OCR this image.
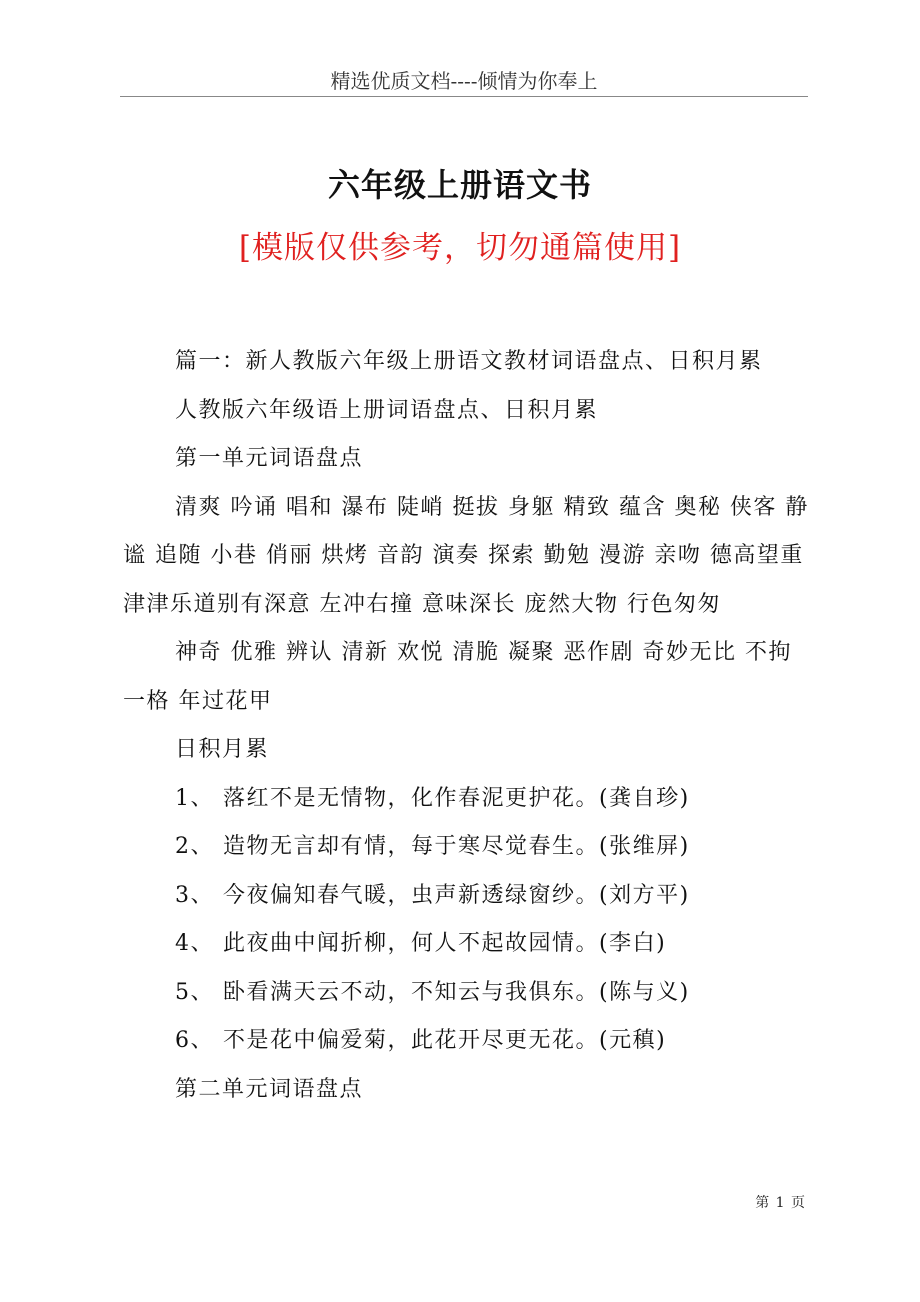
精选优质文档----倾情为你奉上
六年级上册语文书
[模版仅供参考，切勿通篇使用]

篇一：新人教版六年级上册语文教材词语盘点、日积月累

人教版六年级语上册词语盘点、日积月累

第一单元词语盘点

清爽 吟诵 唱和 瀑布 陡峭 挺拔 身躯 精致 蕴含 奥秘 侠客 静谧 追随 小巷 俏丽 烘烤 音韵 演奏 探索 勤勉 漫游 亲吻 德高望重 津津乐道别有深意 左冲右撞 意味深长 庞然大物 行色匆匆

神奇 优雅 辨认 清新 欢悦 清脆 凝聚 恶作剧 奇妙无比 不拘一格 年过花甲

日积月累

1、 落红不是无情物，化作春泥更护花。(龚自珍)
2、 造物无言却有情，每于寒尽觉春生。(张维屏)
3、 今夜偏知春气暖，虫声新透绿窗纱。(刘方平)
4、 此夜曲中闻折柳，何人不起故园情。(李白)
5、 卧看满天云不动，不知云与我俱东。(陈与义)
6、 不是花中偏爱菊，此花开尽更无花。(元稹)

第二单元词语盘点

第 1 页
